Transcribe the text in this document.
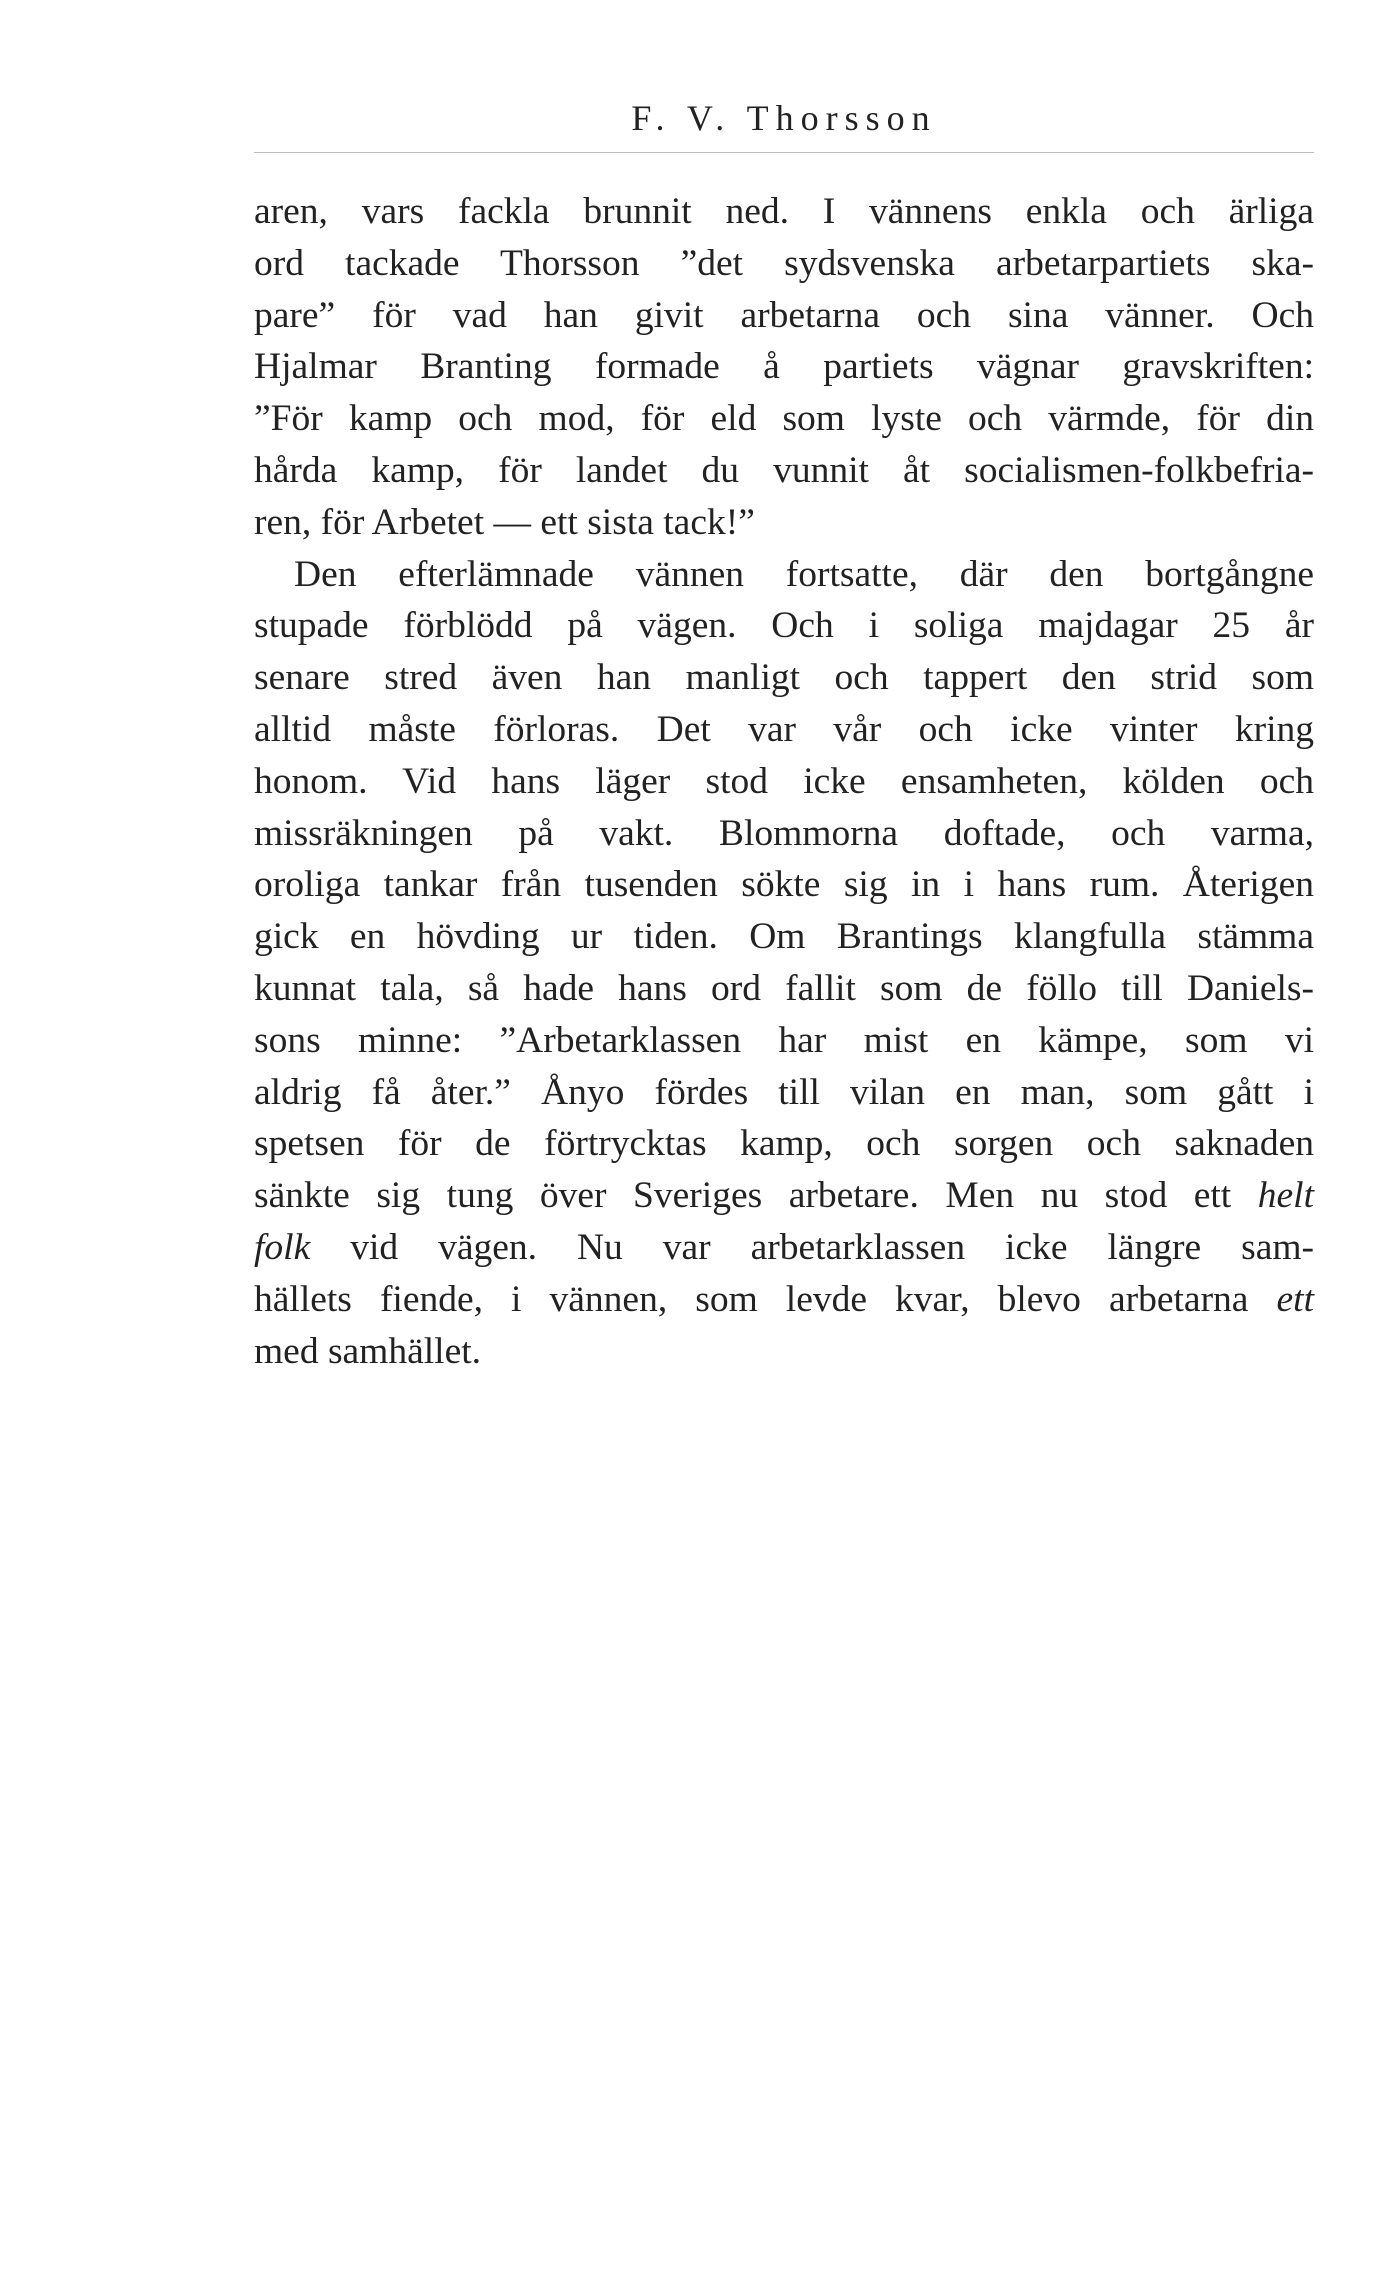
F. V. Thorsson
aren, vars fackla brunnit ned. I vännens enkla och ärliga
ord tackade Thorsson ”det sydsvenska arbetarpartiets ska-
pare” för vad han givit arbetarna och sina vänner. Och
Hjalmar Branting formade å partiets vägnar gravskriften:
”För kamp och mod, för eld som lyste och värmde, för din
hårda kamp, för landet du vunnit åt socialismen-folkbefria-
ren, för Arbetet — ett sista tack!”
Den efterlämnade vännen fortsatte, där den bortgångne
stupade förblödd på vägen. Och i soliga majdagar 25 år
senare stred även han manligt och tappert den strid som
alltid måste förloras. Det var vår och icke vinter kring
honom. Vid hans läger stod icke ensamheten, kölden och
missräkningen på vakt. Blommorna doftade, och varma,
oroliga tankar från tusenden sökte sig in i hans rum. Återigen
gick en hövding ur tiden. Om Brantings klangfulla stämma
kunnat tala, så hade hans ord fallit som de föllo till Daniels-
sons minne: ”Arbetarklassen har mist en kämpe, som vi
aldrig få åter.” Ånyo fördes till vilan en man, som gått i
spetsen för de förtrycktas kamp, och sorgen och saknaden
sänkte sig tung över Sveriges arbetare. Men nu stod ett helt
folk vid vägen. Nu var arbetarklassen icke längre sam-
hällets fiende, i vännen, som levde kvar, blevo arbetarna ett
med samhället.
